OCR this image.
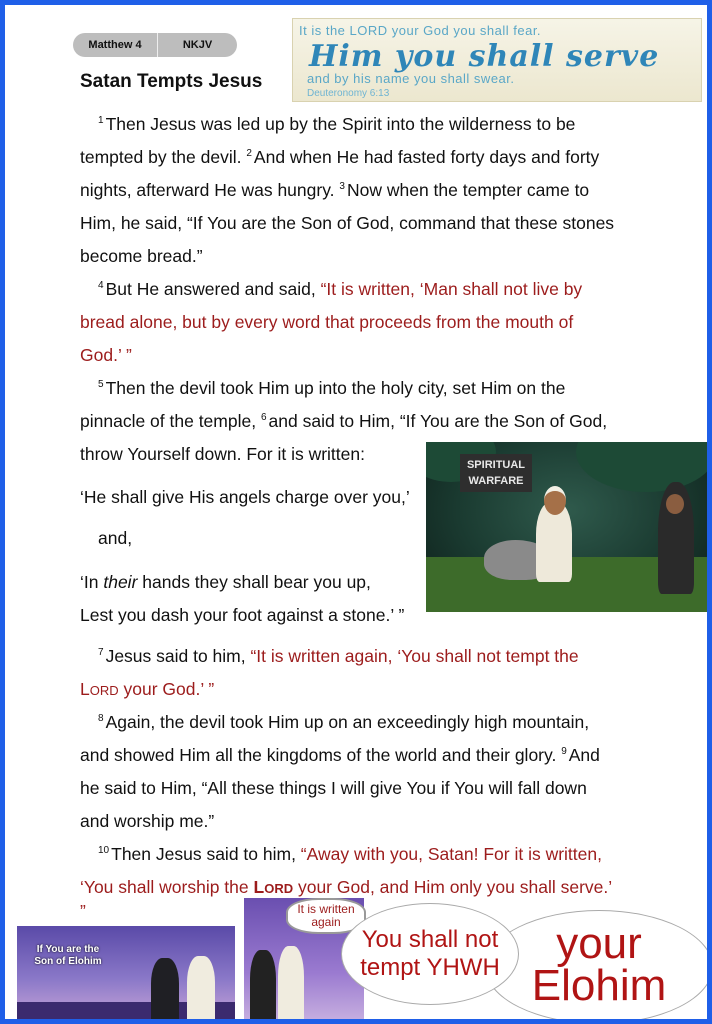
Matthew 4	NKJV
It is the LORD your God you shall fear.
Him you shall serve
and by his name you shall swear.
Deuteronomy 6:13
Satan Tempts Jesus
$^1$ Then Jesus was led up by the Spirit into the wilderness to be
tempted by the devil. $^2$ And when He had fasted forty days and forty
nights, afterward He was hungry. $^3$ Now when the tempter came to
Him, he said, “If You are the Son of God, command that these stones
become bread.”
$^4$ But He answered and said, “It is written, ‘Man shall not live by
bread alone, but by every word that proceeds from the mouth of
God.’ ”
$^5$ Then the devil took Him up into the holy city, set Him on the
pinnacle of the temple, $^6$ and said to Him, “If You are the Son of God,
throw Yourself down. For it is written:
‘He shall give His angels charge over you,’
and,
‘In their hands they shall bear you up,
Lest you dash your foot against a stone.’ ”
$^7$ Jesus said to him, “It is written again, ‘You shall not tempt the
LORD your God.’ ”
$^8$ Again, the devil took Him up on an exceedingly high mountain,
and showed Him all the kingdoms of the world and their glory. $^9$ And
he said to Him, “All these things I will give You if You will fall down
and worship me.”
$^{10}$ Then Jesus said to him, “Away with you, Satan! For it is written,
‘You shall worship the LORD your God, and Him only you shall serve.’
”
SPIRITUAL
WARFARE
If You are the
Son of Elohim
It is written
again	your
Elohim
You shall not
tempt YHWH
